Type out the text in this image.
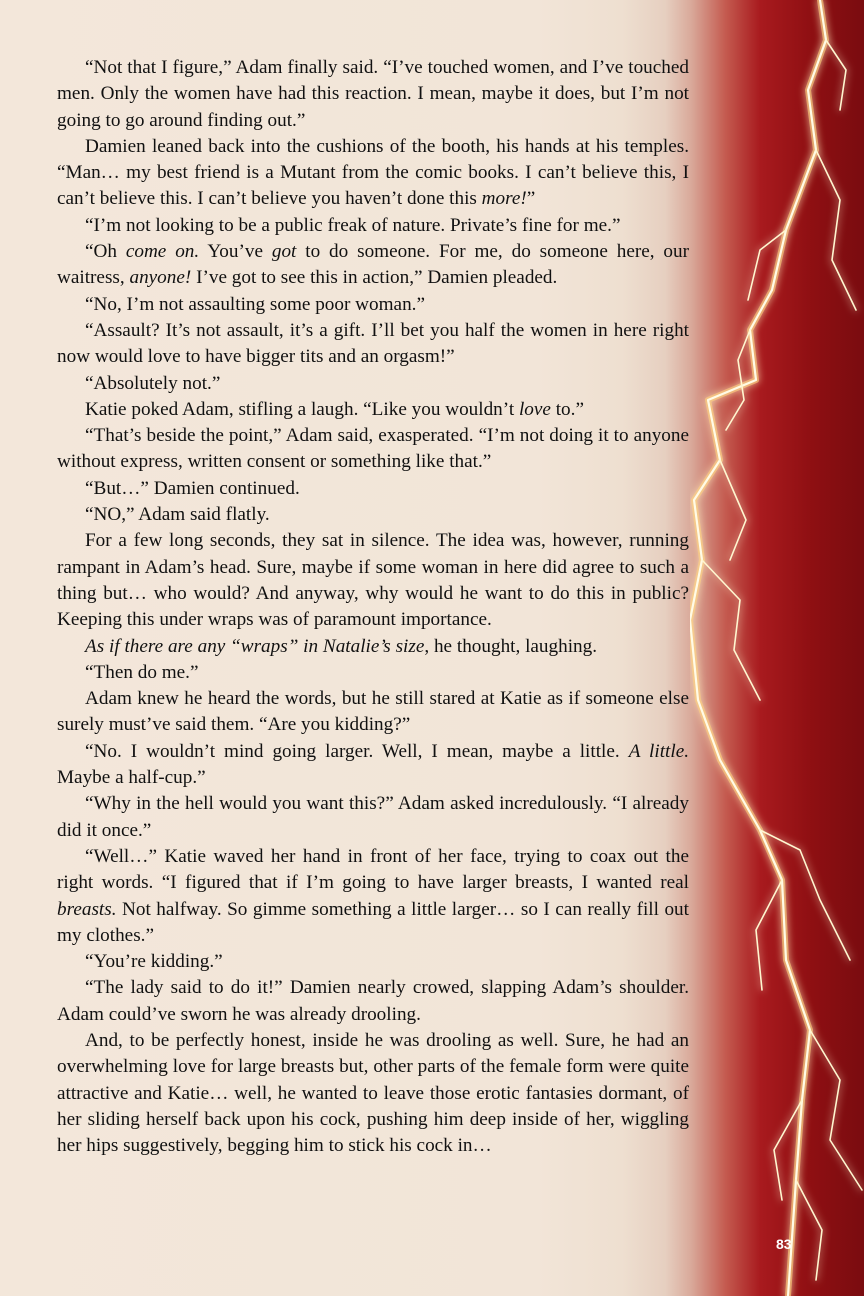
“Not that I figure,” Adam finally said. “I’ve touched women, and I’ve touched men. Only the women have had this reaction. I mean, maybe it does, but I’m not going to go around finding out.”

Damien leaned back into the cushions of the booth, his hands at his temples. “Man… my best friend is a Mutant from the comic books. I can’t believe this, I can’t believe this. I can’t believe you haven’t done this more!”

“I’m not looking to be a public freak of nature. Private’s fine for me.”

“Oh come on. You’ve got to do someone. For me, do someone here, our waitress, anyone! I’ve got to see this in action,” Damien pleaded.

“No, I’m not assaulting some poor woman.”

“Assault? It’s not assault, it’s a gift. I’ll bet you half the women in here right now would love to have bigger tits and an orgasm!”

“Absolutely not.”

Katie poked Adam, stifling a laugh. “Like you wouldn’t love to.”

“That’s beside the point,” Adam said, exasperated. “I’m not doing it to anyone without express, written consent or something like that.”

“But…” Damien continued.

“NO,” Adam said flatly.

For a few long seconds, they sat in silence. The idea was, however, running rampant in Adam’s head. Sure, maybe if some woman in here did agree to such a thing but… who would? And anyway, why would he want to do this in public? Keeping this under wraps was of paramount importance.

As if there are any “wraps” in Natalie’s size, he thought, laughing.

“Then do me.”

Adam knew he heard the words, but he still stared at Katie as if someone else surely must’ve said them. “Are you kidding?”

“No. I wouldn’t mind going larger. Well, I mean, maybe a little. A little. Maybe a half-cup.”

“Why in the hell would you want this?” Adam asked incredulously. “I already did it once.”

“Well…” Katie waved her hand in front of her face, trying to coax out the right words. “I figured that if I’m going to have larger breasts, I wanted real breasts. Not halfway. So gimme something a little larger… so I can really fill out my clothes.”

“You’re kidding.”

“The lady said to do it!” Damien nearly crowed, slapping Adam’s shoulder. Adam could’ve sworn he was already drooling.

And, to be perfectly honest, inside he was drooling as well. Sure, he had an overwhelming love for large breasts but, other parts of the female form were quite attractive and Katie… well, he wanted to leave those erotic fantasies dormant, of her sliding herself back upon his cock, pushing him deep inside of her, wiggling her hips suggestively, begging him to stick his cock in…

83
